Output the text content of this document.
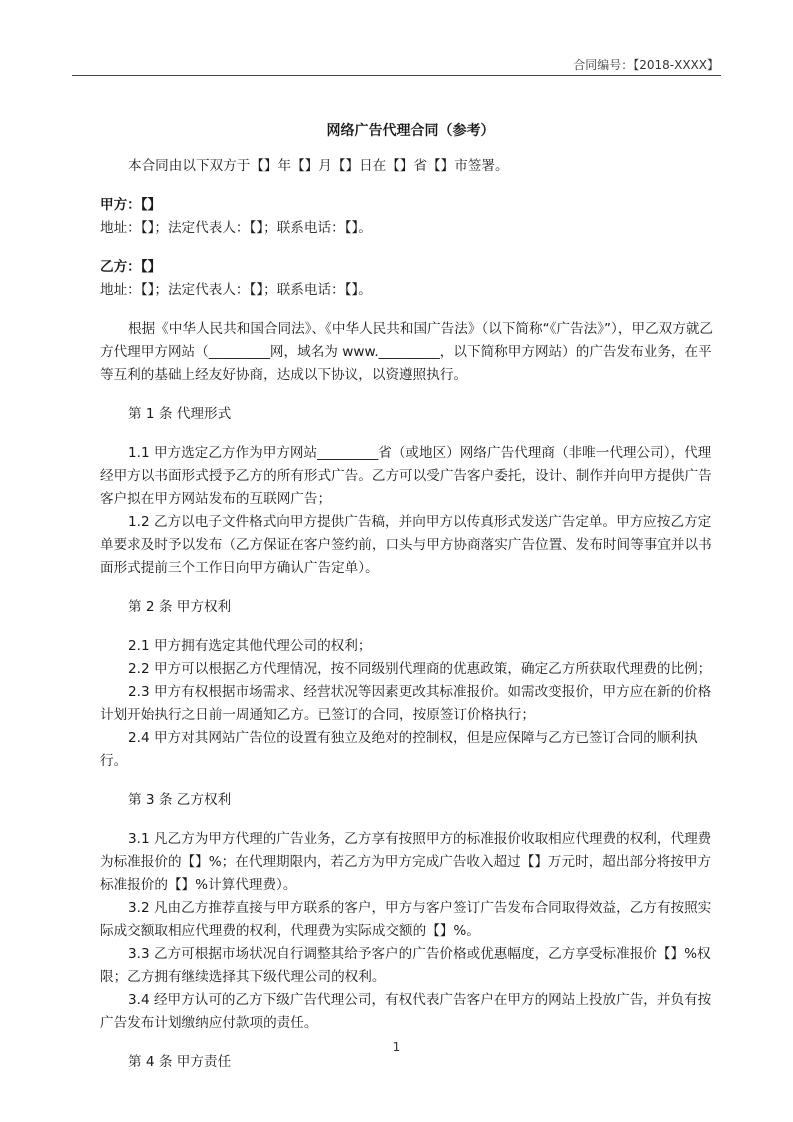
合同编号：【2018-XXXX】

网络广告代理合同（参考）

本合同由以下双方于【】年【】月【】日在【】省【】市签署。

甲方：【】

地址：【】；法定代表人：【】；联系电话：【】。

乙方：【】

地址：【】；法定代表人：【】；联系电话：【】。

根据《中华人民共和国合同法》、《中华人民共和国广告法》（以下简称“《广告法》”），甲乙双方就乙方代理甲方网站（_________网，域名为 www._________，以下简称甲方网站）的广告发布业务，在平等互利的基础上经友好协商，达成以下协议，以资遵照执行。

第 1 条 代理形式

1.1 甲方选定乙方作为甲方网站_________省（或地区）网络广告代理商（非唯一代理公司），代理经甲方以书面形式授予乙方的所有形式广告。乙方可以受广告客户委托，设计、制作并向甲方提供广告客户拟在甲方网站发布的互联网广告；

1.2 乙方以电子文件格式向甲方提供广告稿，并向甲方以传真形式发送广告定单。甲方应按乙方定单要求及时予以发布（乙方保证在客户签约前，口头与甲方协商落实广告位置、发布时间等事宜并以书面形式提前三个工作日向甲方确认广告定单）。

第 2 条 甲方权利

2.1 甲方拥有选定其他代理公司的权利；

2.2 甲方可以根据乙方代理情况，按不同级别代理商的优惠政策，确定乙方所获取代理费的比例；

2.3 甲方有权根据市场需求、经营状况等因素更改其标准报价。如需改变报价，甲方应在新的价格计划开始执行之日前一周通知乙方。已签订的合同，按原签订价格执行；

2.4 甲方对其网站广告位的设置有独立及绝对的控制权，但是应保障与乙方已签订合同的顺利执行。

第 3 条 乙方权利

3.1 凡乙方为甲方代理的广告业务，乙方享有按照甲方的标准报价收取相应代理费的权利，代理费为标准报价的【】%；在代理期限内，若乙方为甲方完成广告收入超过【】万元时，超出部分将按甲方标准报价的【】%计算代理费）。

3.2 凡由乙方推荐直接与甲方联系的客户，甲方与客户签订广告发布合同取得效益，乙方有按照实际成交额取相应代理费的权利，代理费为实际成交额的【】%。

3.3 乙方可根据市场状况自行调整其给予客户的广告价格或优惠幅度，乙方享受标准报价【】%权限；乙方拥有继续选择其下级代理公司的权利。

3.4 经甲方认可的乙方下级广告代理公司，有权代表广告客户在甲方的网站上投放广告，并负有按广告发布计划缴纳应付款项的责任。

第 4 条 甲方责任

1
